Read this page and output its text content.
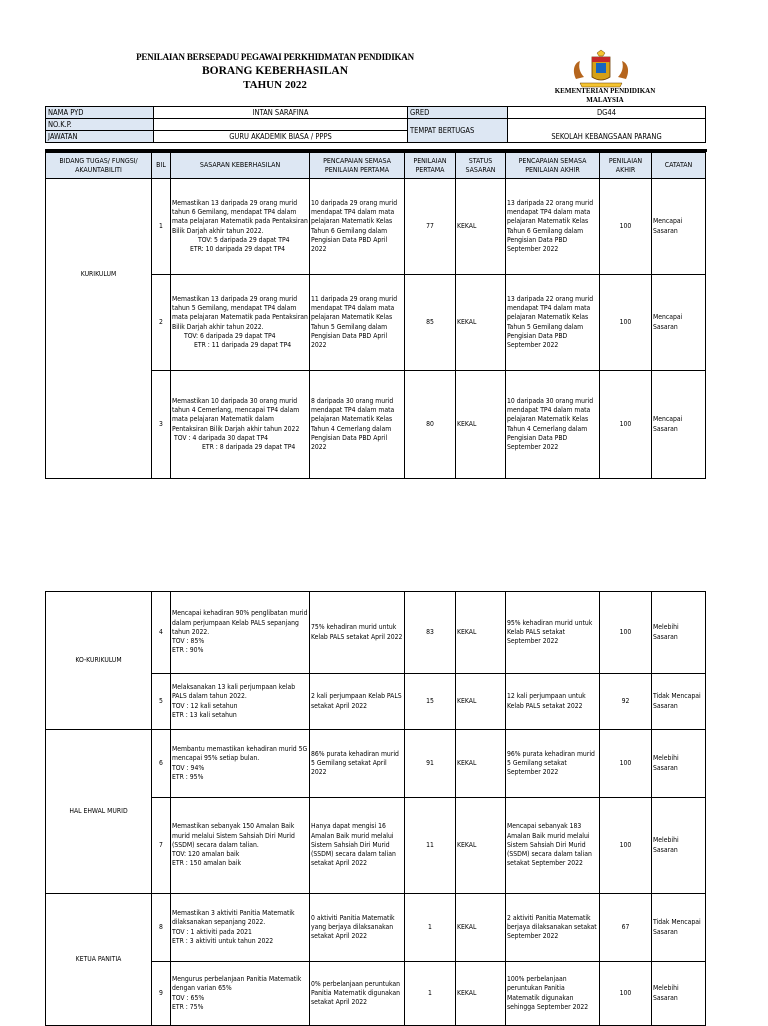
PENILAIAN BERSEPADU PEGAWAI PERKHIDMATAN PENDIDIKAN
BORANG KEBERHASILAN
TAHUN 2022	KEMENTERIAN PENDIDIKAN
MALAYSIA
NAMA PYD	INTAN SARAFINA	GRED	DG44
NO.K.P.		TEMPAT BERTUGAS	SEKOLAH KEBANGSAAN PARANG
JAWATAN	GURU AKADEMIK BIASA / PPPS		
BIDANG TUGAS/ FUNGSI/ AKAUNTABILITI	BIL	SASARAN KEBERHASILAN	PENCAPAIAN SEMASA PENILAIAN PERTAMA	PENILAIAN PERTAMA	STATUS SASARAN	PENCAPAIAN SEMASA PENILAIAN AKHIR	PENILAIAN AKHIR	CATATAN
KURIKULUM	1	Memastikan 13 daripada 29 orang murid tahun 6 Gemilang, mendapat TP4 dalam mata pelajaran Matematik pada Pentaksiran Bilik Darjah akhir tahun 2022.
TOV: 5 daripada 29 dapat TP4
ETR: 10 daripada 29 dapat TP4	10 daripada 29 orang murid mendapat TP4 dalam mata pelajaran Matematik Kelas Tahun 6 Gemilang dalam Pengisian Data PBD April 2022	77	KEKAL	13 daripada 22 orang murid mendapat TP4 dalam mata pelajaran Matematik Kelas Tahun 6 Gemilang dalam Pengisian Data PBD September 2022	100	Mencapai Sasaran
	2	Memastikan 13 daripada 29 orang murid tahun 5 Gemilang, mendapat TP4 dalam mata pelajaran Matematik pada Pentaksiran Bilik Darjah akhir tahun 2022.
TOV: 6 daripada 29 dapat TP4
ETR : 11 daripada 29 dapat TP4	11 daripada 29 orang murid mendapat TP4 dalam mata pelajaran Matematik Kelas Tahun 5 Gemilang dalam Pengisian Data PBD April 2022	85	KEKAL	13 daripada 22 orang murid mendapat TP4 dalam mata pelajaran Matematik Kelas Tahun 5 Gemilang dalam Pengisian Data PBD September 2022	100	Mencapai Sasaran
	3	Memastikan 10 daripada 30 orang murid tahun 4 Cemerlang, mencapai TP4 dalam mata pelajaran Matematik dalam Pentaksiran Bilik Darjah akhir tahun 2022
TOV : 4 daripada 30 dapat TP4
ETR : 8 daripada 29 dapat TP4	8 daripada 30 orang murid mendapat TP4 dalam mata pelajaran Matematik Kelas Tahun 4 Cemerlang dalam Pengisian Data PBD April 2022	80	KEKAL	10 daripada 30 orang murid mendapat TP4 dalam mata pelajaran Matematik Kelas Tahun 4 Cemerlang dalam Pengisian Data PBD September 2022	100	Mencapai Sasaran
KO-KURIKULUM	4	Mencapai kehadiran 90% penglibatan murid dalam perjumpaan Kelab PALS sepanjang tahun 2022.
TOV : 85%
ETR : 90%	75% kehadiran murid untuk Kelab PALS setakat April 2022	83	KEKAL	95% kehadiran murid untuk Kelab PALS setakat September 2022	100	Melebihi Sasaran
	5	Melaksanakan 13 kali perjumpaan kelab PALS dalam tahun 2022.
TOV : 12 kali setahun
ETR : 13 kali setahun	2 kali perjumpaan Kelab PALS setakat April 2022	15	KEKAL	12 kali perjumpaan untuk Kelab PALS setakat 2022	92	Tidak Mencapai Sasaran
HAL EHWAL MURID	6	Membantu memastikan kehadiran murid 5G mencapai 95% setiap bulan.
TOV : 94%
ETR : 95%	86% purata kehadiran murid 5 Gemilang setakat April 2022	91	KEKAL	96% purata kehadiran murid 5 Gemilang setakat September 2022	100	Melebihi Sasaran
	7	Memastikan sebanyak 150 Amalan Baik murid melalui Sistem Sahsiah Diri Murid (SSDM) secara dalam talian.
TOV: 120 amalan baik
ETR : 150 amalan baik	Hanya dapat mengisi 16 Amalan Baik murid melalui Sistem Sahsiah Diri Murid (SSDM) secara dalam talian setakat April 2022	11	KEKAL	Mencapai sebanyak 183 Amalan Baik murid melalui Sistem Sahsiah Diri Murid (SSDM) secara dalam talian setakat September 2022	100	Melebihi Sasaran
KETUA PANITIA	8	Memastikan 3 aktiviti Panitia Matematik dilaksanakan sepanjang 2022.
TOV : 1 aktiviti pada 2021
ETR : 3 aktiviti untuk tahun 2022	0 aktiviti Panitia Matematik yang berjaya dilaksanakan setakat April 2022	1	KEKAL	2 aktiviti Panitia Matematik berjaya dilaksanakan setakat September 2022	67	Tidak Mencapai Sasaran
	9	Mengurus perbelanjaan Panitia Matematik dengan varian 65%
TOV : 65%
ETR : 75%	0% perbelanjaan peruntukan Panitia Matematik digunakan setakat April 2022	1	KEKAL	100% perbelanjaan peruntukan Panitia Matematik digunakan sehingga September 2022	100	Melebihi Sasaran
